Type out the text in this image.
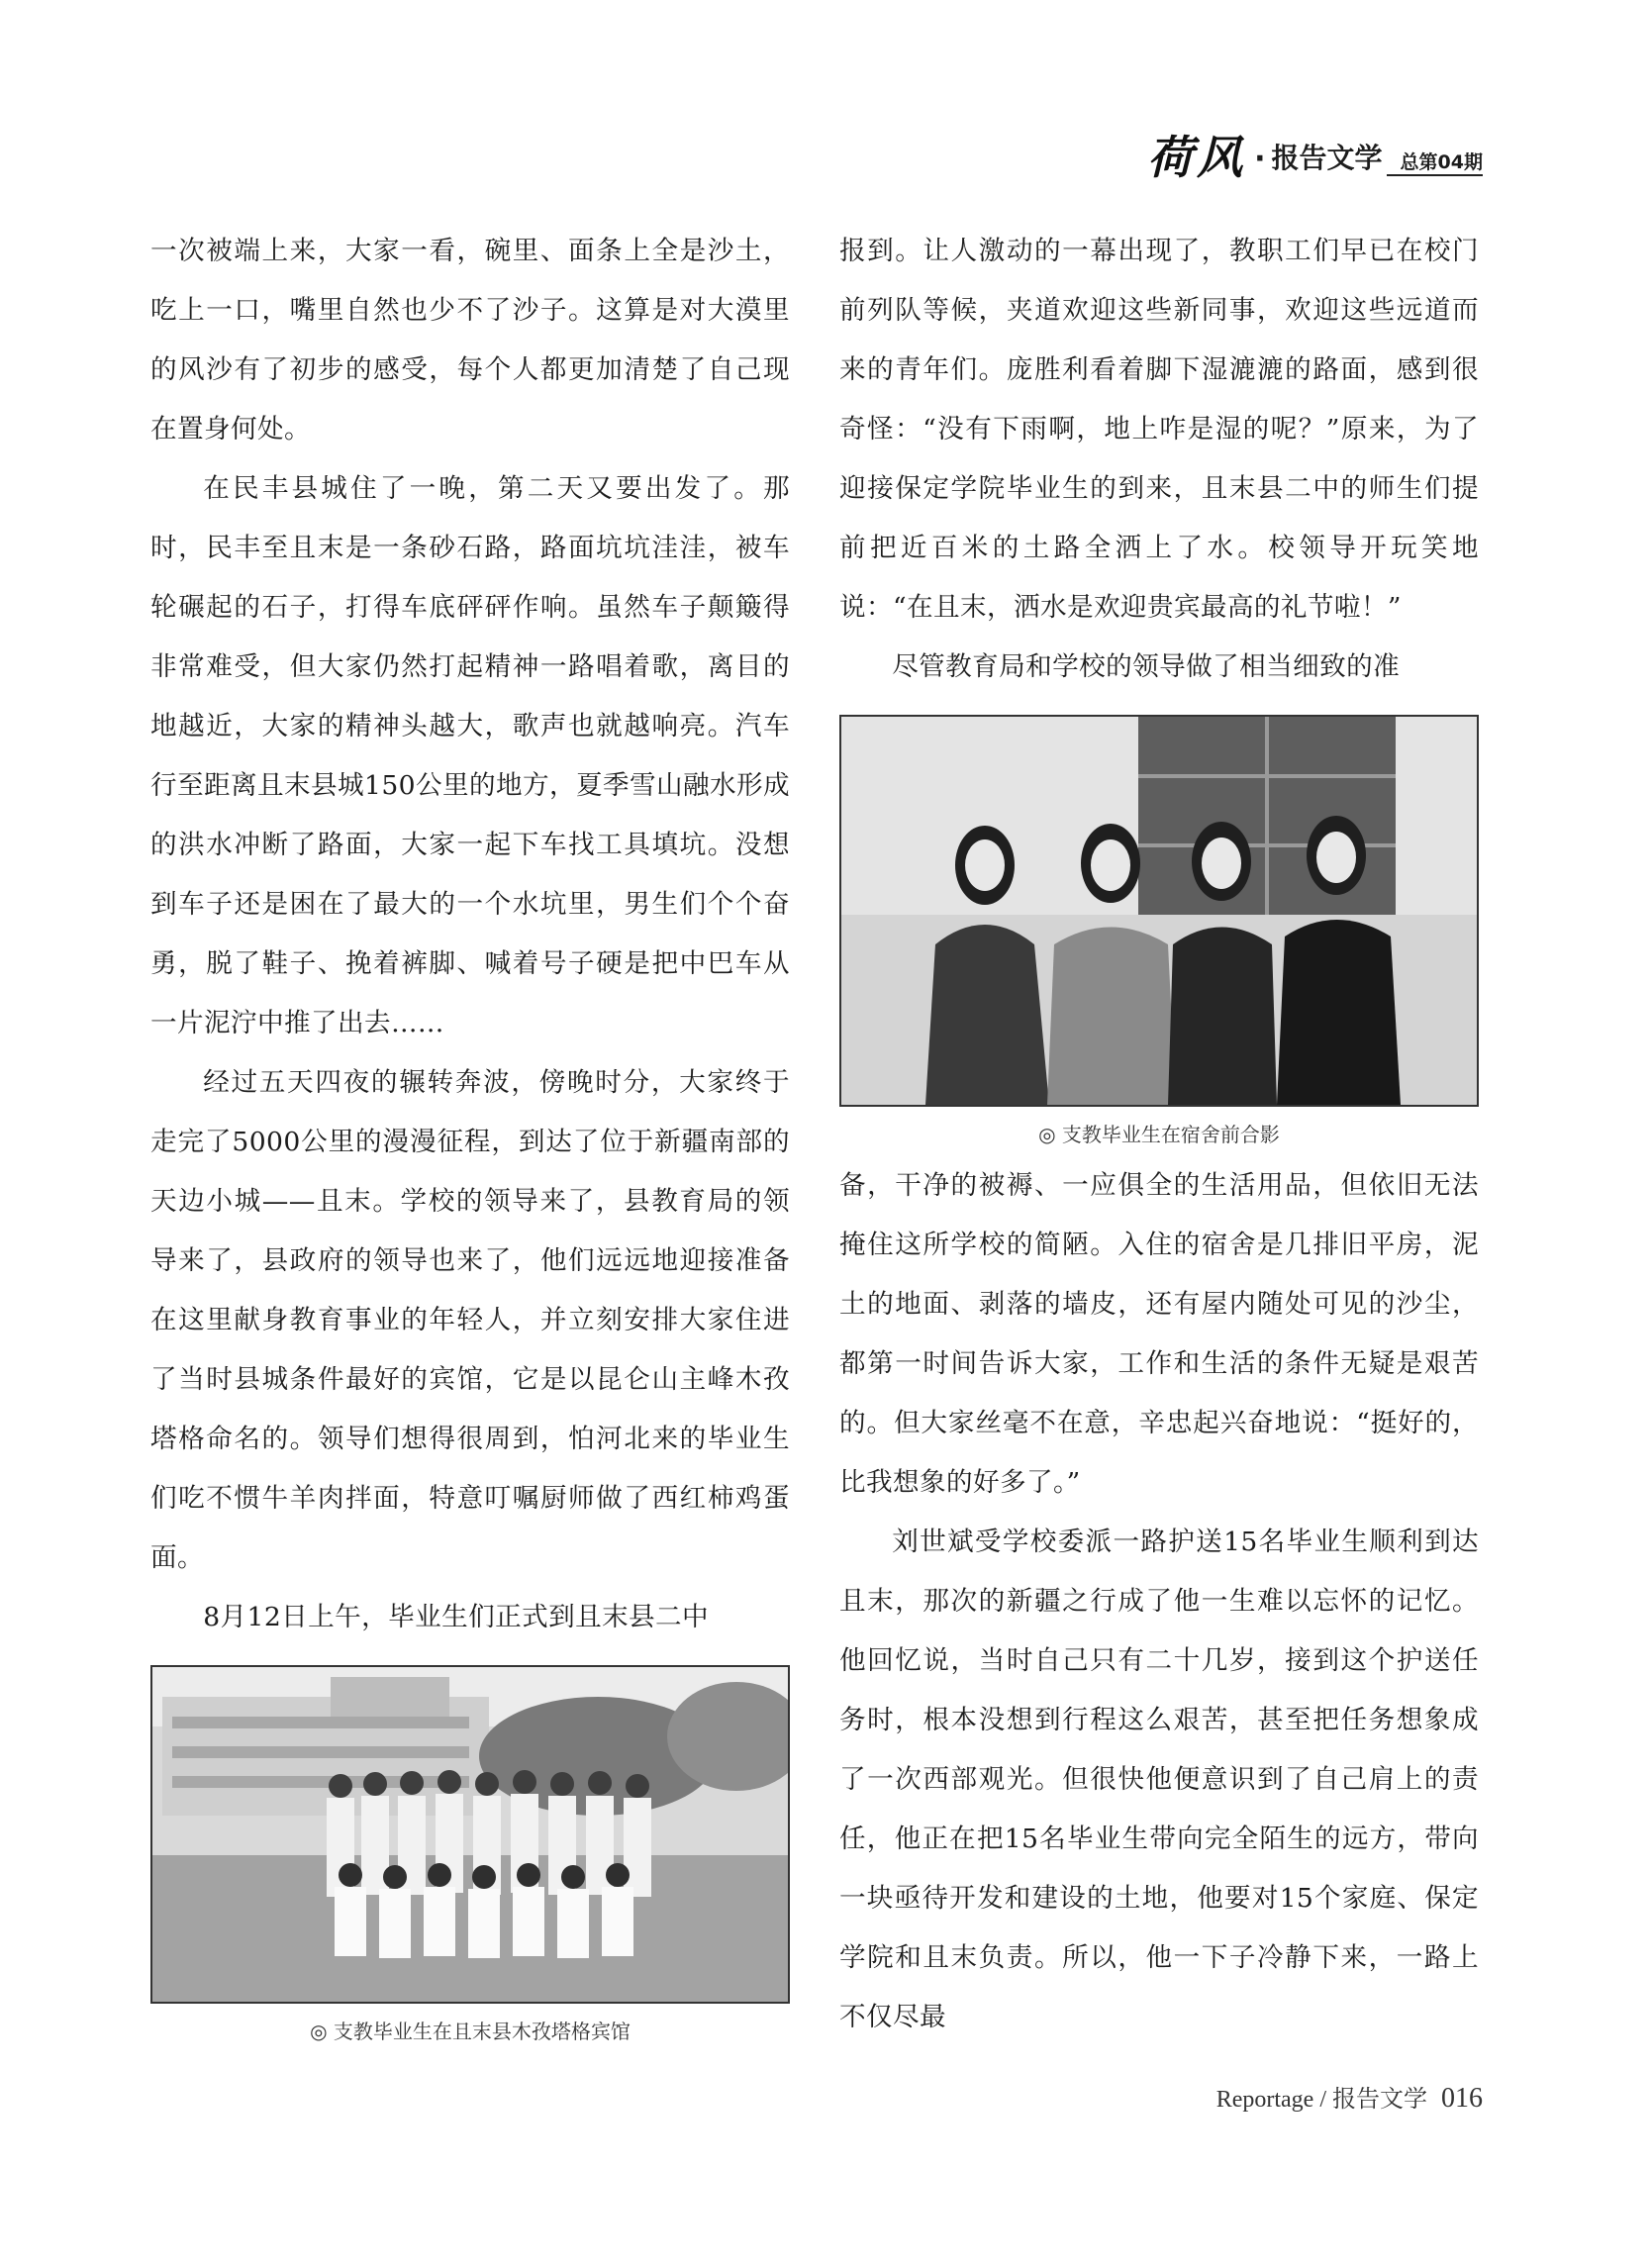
荷风 · 报告文学 总第04期

一次被端上来，大家一看，碗里、面条上全是沙土，吃上一口，嘴里自然也少不了沙子。这算是对大漠里的风沙有了初步的感受，每个人都更加清楚了自己现在置身何处。

在民丰县城住了一晚，第二天又要出发了。那时，民丰至且末是一条砂石路，路面坑坑洼洼，被车轮碾起的石子，打得车底砰砰作响。虽然车子颠簸得非常难受，但大家仍然打起精神一路唱着歌，离目的地越近，大家的精神头越大，歌声也就越响亮。汽车行至距离且末县城150公里的地方，夏季雪山融水形成的洪水冲断了路面，大家一起下车找工具填坑。没想到车子还是困在了最大的一个水坑里，男生们个个奋勇，脱了鞋子、挽着裤脚、喊着号子硬是把中巴车从一片泥泞中推了出去……

经过五天四夜的辗转奔波，傍晚时分，大家终于走完了5000公里的漫漫征程，到达了位于新疆南部的天边小城——且末。学校的领导来了，县教育局的领导来了，县政府的领导也来了，他们远远地迎接准备在这里献身教育事业的年轻人，并立刻安排大家住进了当时县城条件最好的宾馆，它是以昆仑山主峰木孜塔格命名的。领导们想得很周到，怕河北来的毕业生们吃不惯牛羊肉拌面，特意叮嘱厨师做了西红柿鸡蛋面。

8月12日上午，毕业生们正式到且末县二中

◎ 支教毕业生在且末县木孜塔格宾馆

报到。让人激动的一幕出现了，教职工们早已在校门前列队等候，夹道欢迎这些新同事，欢迎这些远道而来的青年们。庞胜利看着脚下湿漉漉的路面，感到很奇怪：“没有下雨啊，地上咋是湿的呢？”原来，为了迎接保定学院毕业生的到来，且末县二中的师生们提前把近百米的土路全洒上了水。校领导开玩笑地说：“在且末，洒水是欢迎贵宾最高的礼节啦！”

尽管教育局和学校的领导做了相当细致的准

◎ 支教毕业生在宿舍前合影

备，干净的被褥、一应俱全的生活用品，但依旧无法掩住这所学校的简陋。入住的宿舍是几排旧平房，泥土的地面、剥落的墙皮，还有屋内随处可见的沙尘，都第一时间告诉大家，工作和生活的条件无疑是艰苦的。但大家丝毫不在意，辛忠起兴奋地说：“挺好的，比我想象的好多了。”

刘世斌受学校委派一路护送15名毕业生顺利到达且末，那次的新疆之行成了他一生难以忘怀的记忆。他回忆说，当时自己只有二十几岁，接到这个护送任务时，根本没想到行程这么艰苦，甚至把任务想象成了一次西部观光。但很快他便意识到了自己肩上的责任，他正在把15名毕业生带向完全陌生的远方，带向一块亟待开发和建设的土地，他要对15个家庭、保定学院和且末负责。所以，他一下子冷静下来，一路上不仅尽最

Reportage / 报告文学 016
